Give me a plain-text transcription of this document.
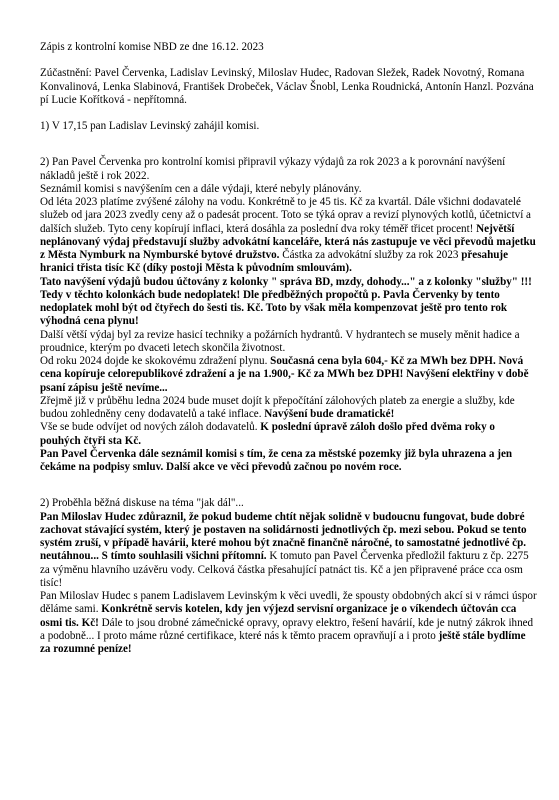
Zápis z kontrolní komise NBD ze dne 16.12. 2023

Zúčastnění: Pavel Červenka, Ladislav Levinský, Miloslav Hudec, Radovan Sležek, Radek Novotný, Romana Konvalinová, Lenka Slabinová, František Drobeček, Václav Šnobl, Lenka Roudnická, Antonín Hanzl. Pozvána pí Lucie Kořítková - nepřítomná.

1) V 17,15 pan Ladislav Levinský zahájil komisi.

2) Pan Pavel Červenka pro kontrolní komisi připravil výkazy výdajů za rok 2023 a k porovnání navýšení nákladů ještě i rok 2022.

Seznámil komisi s navýšením cen a dále výdaji, které nebyly plánovány.

Od léta 2023 platíme zvýšené zálohy na vodu. Konkrétně to je 45 tis. Kč za kvartál. Dále všichni dodavatelé služeb od jara 2023 zvedly ceny až o padesát procent. Toto se týká oprav a revizí plynových kotlů, účetnictví a dalších služeb. Tyto ceny kopírují inflaci, která dosáhla za poslední dva roky téměř třicet procent! Největší neplánovaný výdaj představují služby advokátní kanceláře, která nás zastupuje ve věci převodů majetku z Města Nymburk na Nymburské bytové družstvo. Částka za advokátní služby za rok 2023 přesahuje hranici třista tisíc Kč (díky postoji Města k původním smlouvám).

Tato navýšení výdajů budou účtovány z kolonky " správa BD, mzdy, dohody..." a z kolonky "služby" !!! Tedy v těchto kolonkách bude nedoplatek! Dle předběžných propočtů p. Pavla Červenky by tento nedoplatek mohl být od čtyřech do šesti tis. Kč. Toto by však měla kompenzovat ještě pro tento rok výhodná cena plynu!

Další větší výdaj byl za revize hasicí techniky a požárních hydrantů. V hydrantech se musely měnit hadice a proudnice, kterým po dvaceti letech skončila životnost.

Od roku 2024 dojde ke skokovému zdražení plynu. Současná cena byla 604,- Kč za MWh bez DPH. Nová cena kopíruje celorepublikové zdražení a je na 1.900,- Kč za MWh bez DPH! Navýšení elektřiny v době psaní zápisu ještě nevíme...

Zřejmě již v průběhu ledna 2024 bude muset dojít k přepočítání zálohových plateb za energie a služby, kde budou zohledněny ceny dodavatelů a také inflace. Navýšení bude dramatické!

Vše se bude odvíjet od nových záloh dodavatelů. K poslední úpravě záloh došlo před dvěma roky o pouhých čtyři sta Kč.

Pan Pavel Červenka dále seznámil komisi s tím, že cena za městské pozemky již byla uhrazena a jen čekáme na podpisy smluv. Další akce ve věci převodů začnou po novém roce.

2) Proběhla běžná diskuse na téma "jak dál"...

Pan Miloslav Hudec zdůraznil, že pokud budeme chtít nějak solidně v budoucnu fungovat, bude dobré zachovat stávající systém, který je postaven na solidárnosti jednotlivých čp. mezi sebou. Pokud se tento systém zruší, v případě havárii, které mohou být značně finančně náročné, to samostatné jednotlivé čp. neutáhnou... S tímto souhlasili všichni přítomní. K tomuto pan Pavel Červenka předložil fakturu z čp. 2275 za výměnu hlavního uzávěru vody. Celková částka přesahující patnáct tis. Kč a jen připravené práce cca osm tisíc!

Pan Miloslav Hudec s panem Ladislavem Levinským k věci uvedli, že spousty obdobných akcí si v rámci úspor děláme sami. Konkrétně servis kotelen, kdy jen výjezd servisní organizace je o víkendech účtován cca osmi tis. Kč! Dále to jsou drobné zámečnické opravy, opravy elektro, řešení havárií, kde je nutný zákrok ihned a podobně... I proto máme různé certifikace, které nás k těmto pracem opravňují a i proto ještě stále bydlíme za rozumné peníze!
